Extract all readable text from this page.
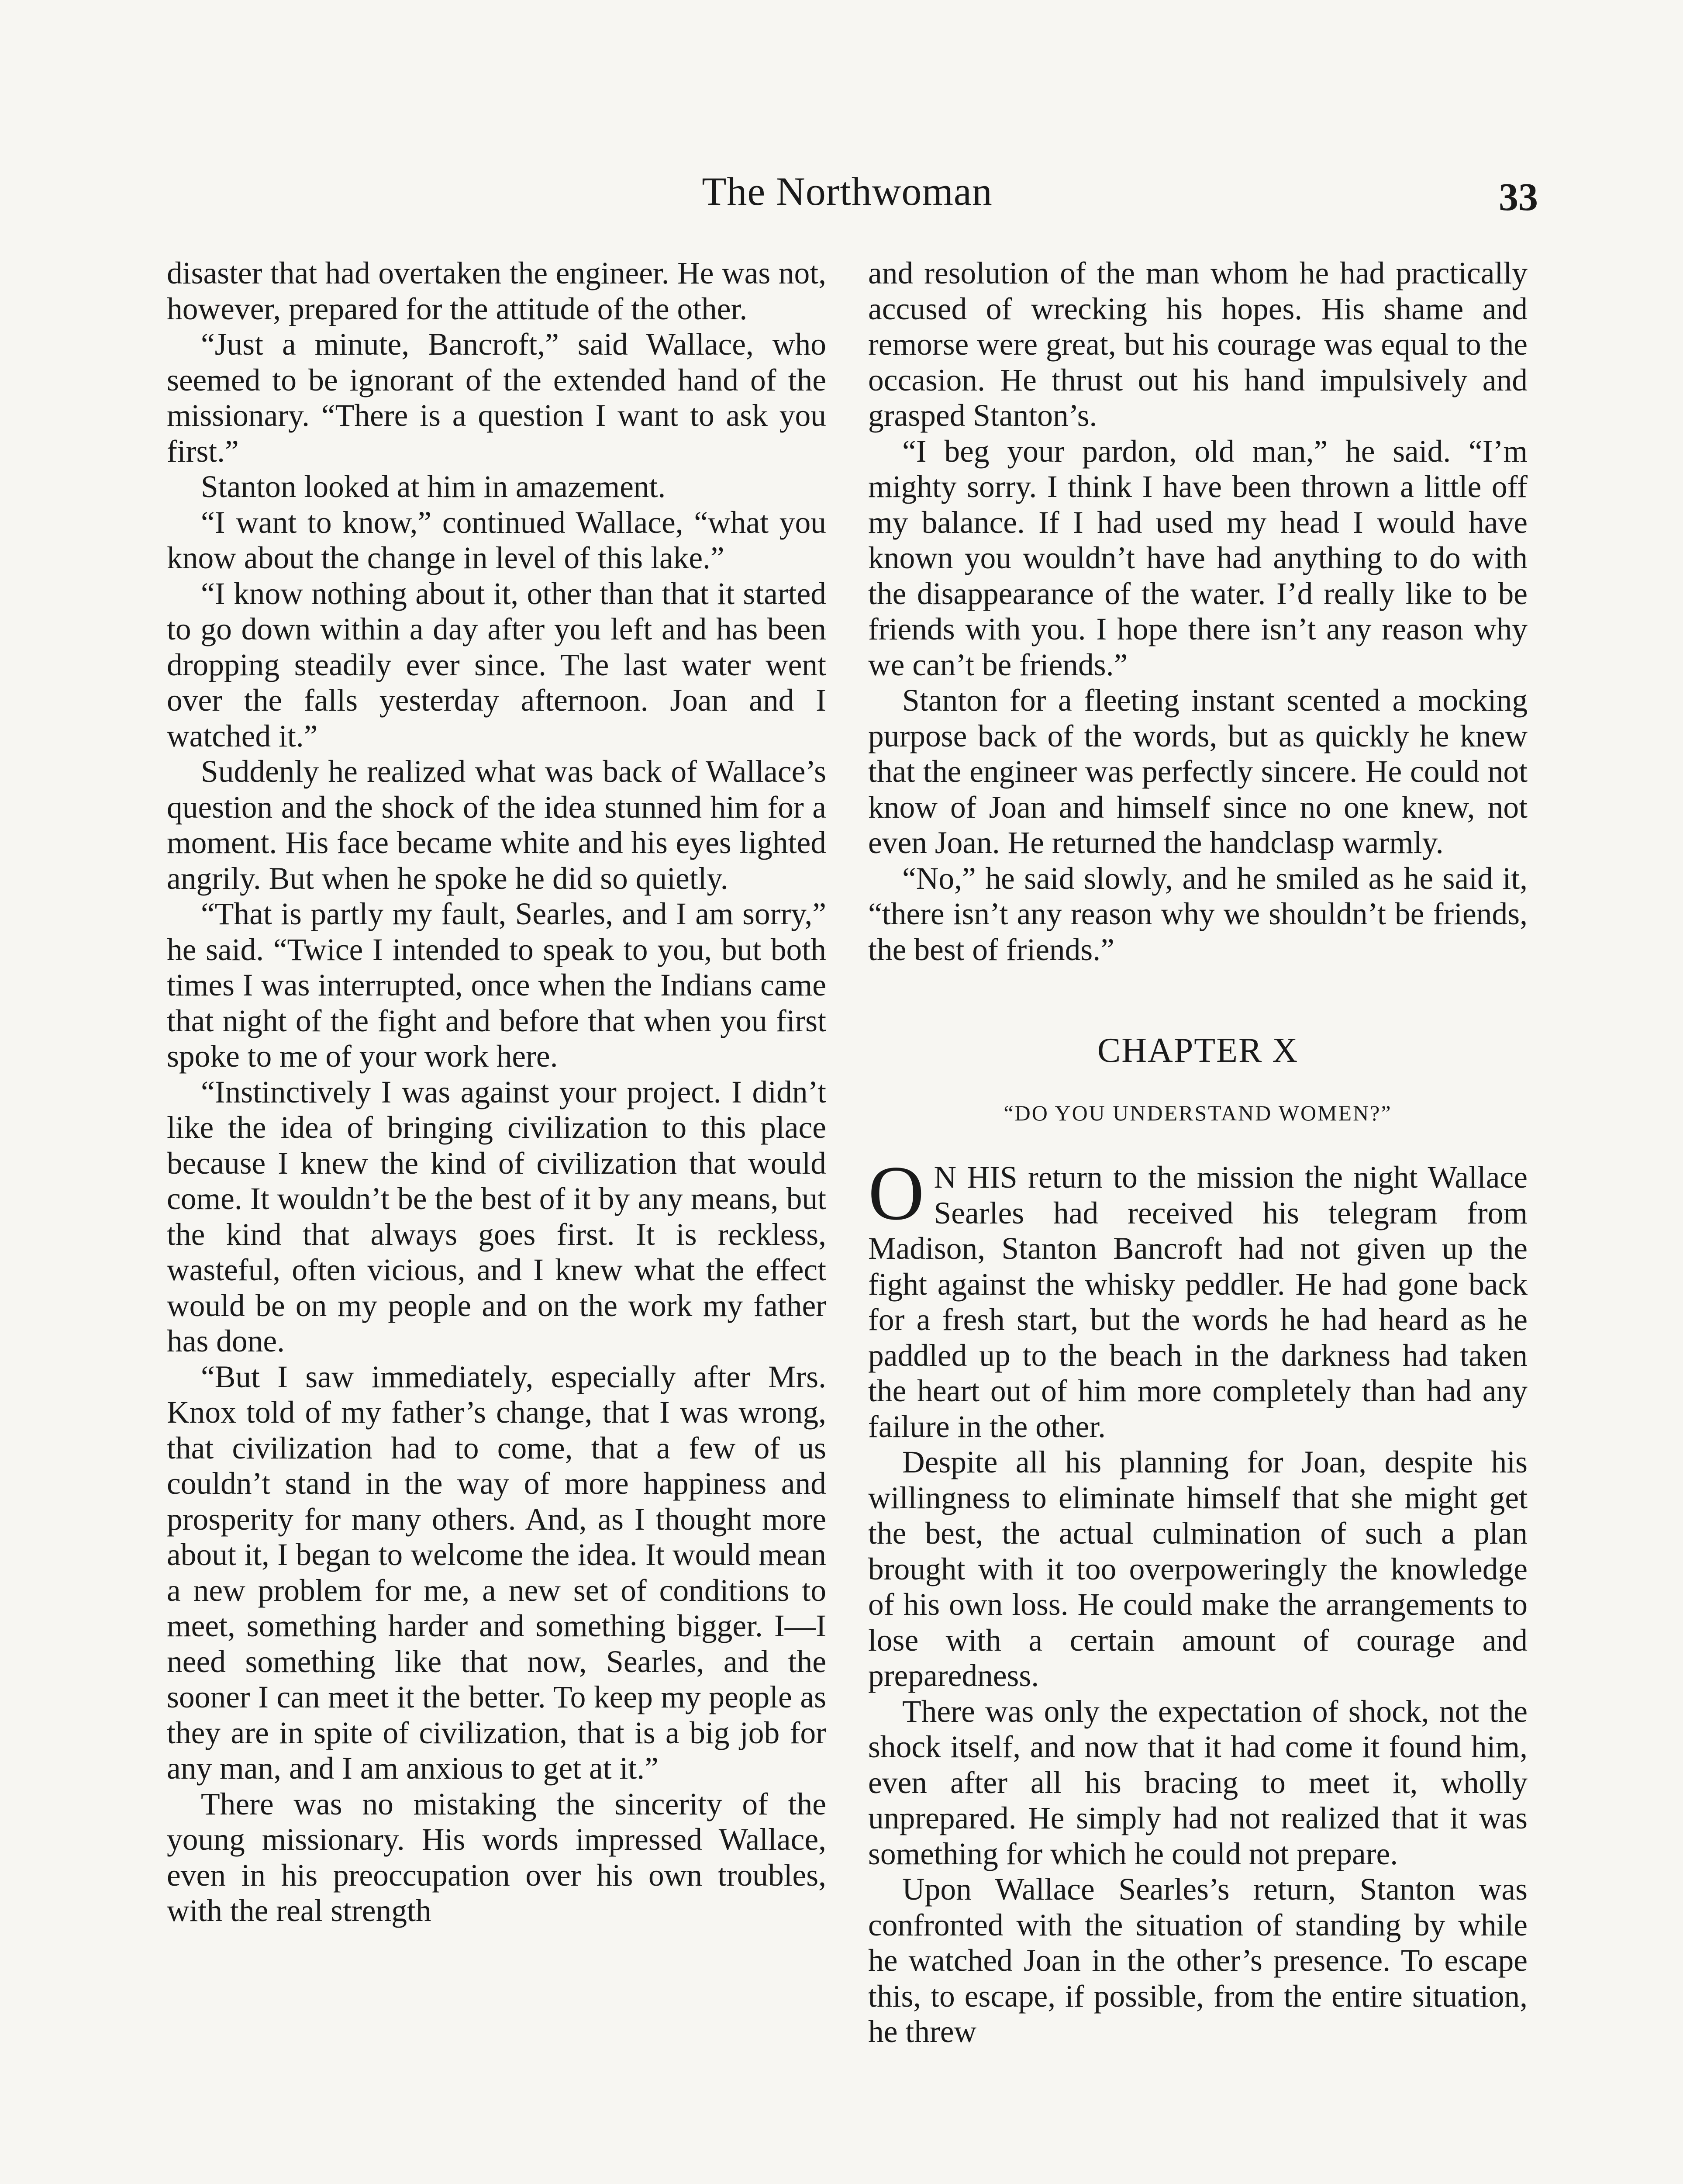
The Northwoman	33

disaster that had overtaken the engineer. He was not, however, prepared for the attitude of the other.

“Just a minute, Bancroft,” said Wallace, who seemed to be ignorant of the extended hand of the missionary. “There is a question I want to ask you first.”

Stanton looked at him in amazement.

“I want to know,” continued Wallace, “what you know about the change in level of this lake.”

“I know nothing about it, other than that it started to go down within a day after you left and has been dropping steadily ever since. The last water went over the falls yesterday afternoon. Joan and I watched it.”

Suddenly he realized what was back of Wallace’s question and the shock of the idea stunned him for a moment. His face became white and his eyes lighted angrily. But when he spoke he did so quietly.

“That is partly my fault, Searles, and I am sorry,” he said. “Twice I intended to speak to you, but both times I was interrupted, once when the Indians came that night of the fight and before that when you first spoke to me of your work here.

“Instinctively I was against your project. I didn’t like the idea of bringing civilization to this place because I knew the kind of civilization that would come. It wouldn’t be the best of it by any means, but the kind that always goes first. It is reckless, wasteful, often vicious, and I knew what the effect would be on my people and on the work my father has done.

“But I saw immediately, especially after Mrs. Knox told of my father’s change, that I was wrong, that civilization had to come, that a few of us couldn’t stand in the way of more happiness and prosperity for many others. And, as I thought more about it, I began to welcome the idea. It would mean a new problem for me, a new set of conditions to meet, something harder and something bigger. I—I need something like that now, Searles, and the sooner I can meet it the better. To keep my people as they are in spite of civilization, that is a big job for any man, and I am anxious to get at it.”

There was no mistaking the sincerity of the young missionary. His words impressed Wallace, even in his preoccupation over his own troubles, with the real strength

and resolution of the man whom he had practically accused of wrecking his hopes. His shame and remorse were great, but his courage was equal to the occasion. He thrust out his hand impulsively and grasped Stanton’s.

“I beg your pardon, old man,” he said. “I’m mighty sorry. I think I have been thrown a little off my balance. If I had used my head I would have known you wouldn’t have had anything to do with the disappearance of the water. I’d really like to be friends with you. I hope there isn’t any reason why we can’t be friends.”

Stanton for a fleeting instant scented a mocking purpose back of the words, but as quickly he knew that the engineer was perfectly sincere. He could not know of Joan and himself since no one knew, not even Joan. He returned the handclasp warmly.

“No,” he said slowly, and he smiled as he said it, “there isn’t any reason why we shouldn’t be friends, the best of friends.”

CHAPTER X
“DO YOU UNDERSTAND WOMEN?”

O N HIS return to the mission the night Wallace Searles had received his telegram from Madison, Stanton Bancroft had not given up the fight against the whisky peddler. He had gone back for a fresh start, but the words he had heard as he paddled up to the beach in the darkness had taken the heart out of him more completely than had any failure in the other.

Despite all his planning for Joan, despite his willingness to eliminate himself that she might get the best, the actual culmination of such a plan brought with it too overpoweringly the knowledge of his own loss. He could make the arrangements to lose with a certain amount of courage and preparedness.

There was only the expectation of shock, not the shock itself, and now that it had come it found him, even after all his bracing to meet it, wholly unprepared. He simply had not realized that it was something for which he could not prepare.

Upon Wallace Searles’s return, Stanton was confronted with the situation of standing by while he watched Joan in the other’s presence. To escape this, to escape, if possible, from the entire situation, he threw
